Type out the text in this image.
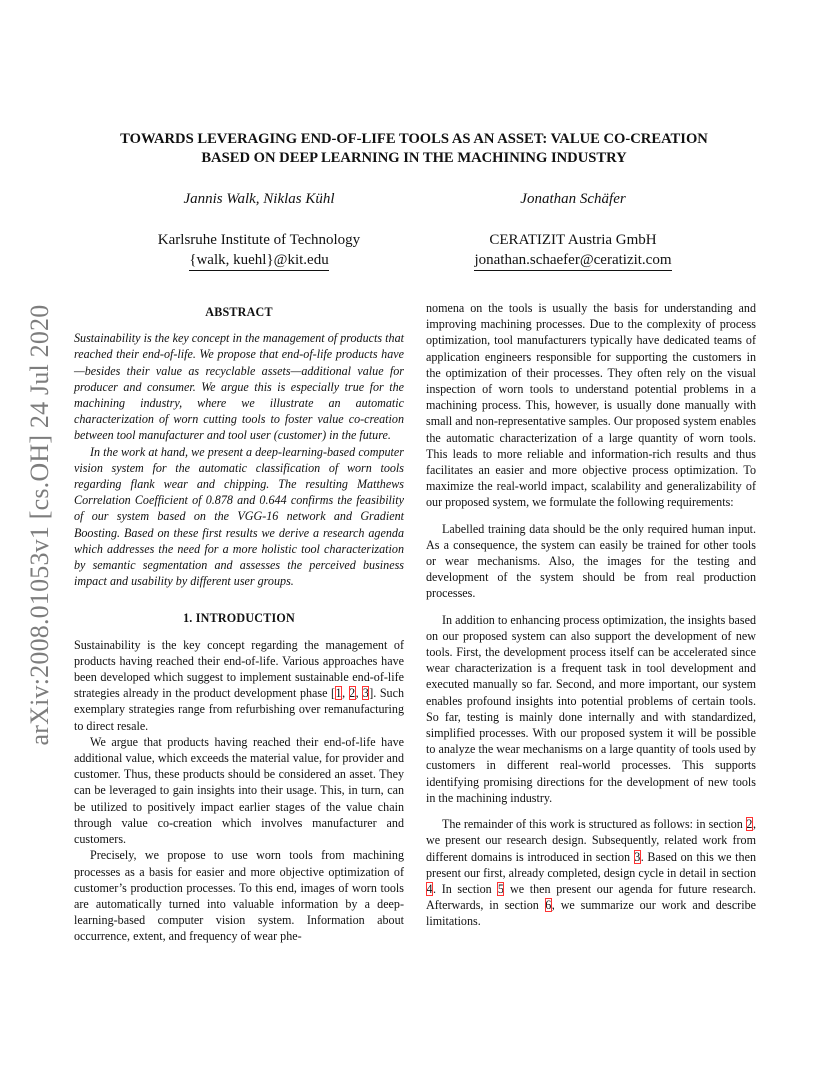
arXiv:2008.01053v1 [cs.OH] 24 Jul 2020
TOWARDS LEVERAGING END-OF-LIFE TOOLS AS AN ASSET: VALUE CO-CREATION
BASED ON DEEP LEARNING IN THE MACHINING INDUSTRY
Jannis Walk, Niklas Kühl
Karlsruhe Institute of Technology
{walk, kuehl}@kit.edu
Jonathan Schäfer
CERATIZIT Austria GmbH
jonathan.schaefer@ceratizit.com
ABSTRACT

Sustainability is the key concept in the management of products that reached their end-of-life. We propose that end-of-life products have—besides their value as recyclable assets—additional value for producer and consumer. We argue this is especially true for the machining industry, where we illustrate an automatic characterization of worn cutting tools to foster value co-creation between tool manufacturer and tool user (customer) in the future.

In the work at hand, we present a deep-learning-based computer vision system for the automatic classification of worn tools regarding flank wear and chipping. The resulting Matthews Correlation Coefficient of 0.878 and 0.644 confirms the feasibility of our system based on the VGG-16 network and Gradient Boosting. Based on these first results we derive a research agenda which addresses the need for a more holistic tool characterization by semantic segmentation and assesses the perceived business impact and usability by different user groups.

1. INTRODUCTION

Sustainability is the key concept regarding the management of products having reached their end-of-life. Various approaches have been developed which suggest to implement sustainable end-of-life strategies already in the product development phase [1, 2, 3]. Such exemplary strategies range from refurbishing over remanufacturing to direct resale.

We argue that products having reached their end-of-life have additional value, which exceeds the material value, for provider and customer. Thus, these products should be considered an asset. They can be leveraged to gain insights into their usage. This, in turn, can be utilized to positively impact earlier stages of the value chain through value co-creation which involves manufacturer and customers.

Precisely, we propose to use worn tools from machining processes as a basis for easier and more objective optimization of customer’s production processes. To this end, images of worn tools are automatically turned into valuable information by a deep-learning-based computer vision system. Information about occurrence, extent, and frequency of wear phe-

nomena on the tools is usually the basis for understanding and improving machining processes. Due to the complexity of process optimization, tool manufacturers typically have dedicated teams of application engineers responsible for supporting the customers in the optimization of their processes. They often rely on the visual inspection of worn tools to understand potential problems in a machining process. This, however, is usually done manually with small and non-representative samples. Our proposed system enables the automatic characterization of a large quantity of worn tools. This leads to more reliable and information-rich results and thus facilitates an easier and more objective process optimization. To maximize the real-world impact, scalability and generalizability of our proposed system, we formulate the following requirements:

Labelled training data should be the only required human input. As a consequence, the system can easily be trained for other tools or wear mechanisms. Also, the images for the testing and development of the system should be from real production processes.

In addition to enhancing process optimization, the insights based on our proposed system can also support the development of new tools. First, the development process itself can be accelerated since wear characterization is a frequent task in tool development and executed manually so far. Second, and more important, our system enables profound insights into potential problems of certain tools. So far, testing is mainly done internally and with standardized, simplified processes. With our proposed system it will be possible to analyze the wear mechanisms on a large quantity of tools used by customers in different real-world processes. This supports identifying promising directions for the development of new tools in the machining industry.

The remainder of this work is structured as follows: in section 2, we present our research design. Subsequently, related work from different domains is introduced in section 3. Based on this we then present our first, already completed, design cycle in detail in section 4. In section 5 we then present our agenda for future research. Afterwards, in section 6, we summarize our work and describe limitations.
